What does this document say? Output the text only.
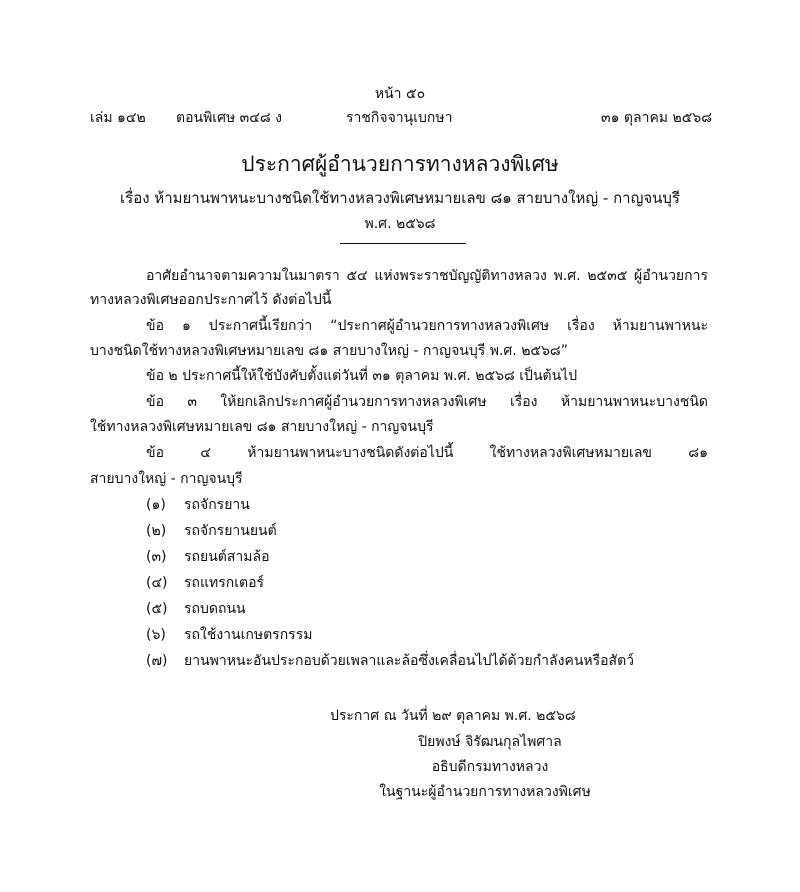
หน้า ๕๐
เล่ม ๑๔๒ ตอนพิเศษ ๓๔๘ ง	ราชกิจจานุเบกษา	๓๑ ตุลาคม ๒๕๖๘
ประกาศผู้อำนวยการทางหลวงพิเศษ
เรื่อง ห้ามยานพาหนะบางชนิดใช้ทางหลวงพิเศษหมายเลข ๘๑ สายบางใหญ่ - กาญจนบุรี
พ.ศ. ๒๕๖๘
อาศัยอำนาจตามความในมาตรา ๕๔ แห่งพระราชบัญญัติทางหลวง พ.ศ. ๒๕๓๕ ผู้อำนวยการ
ทางหลวงพิเศษออกประกาศไว้ ดังต่อไปนี้
ข้อ ๑ ประกาศนี้เรียกว่า “ประกาศผู้อำนวยการทางหลวงพิเศษ เรื่อง ห้ามยานพาหนะ
บางชนิดใช้ทางหลวงพิเศษหมายเลข ๘๑ สายบางใหญ่ - กาญจนบุรี พ.ศ. ๒๕๖๘”
ข้อ ๒ ประกาศนี้ให้ใช้บังคับตั้งแต่วันที่ ๓๑ ตุลาคม พ.ศ. ๒๕๖๘ เป็นต้นไป
ข้อ ๓ ให้ยกเลิกประกาศผู้อำนวยการทางหลวงพิเศษ เรื่อง ห้ามยานพาหนะบางชนิด
ใช้ทางหลวงพิเศษหมายเลข ๘๑ สายบางใหญ่ - กาญจนบุรี
ข้อ ๔ ห้ามยานพาหนะบางชนิดดังต่อไปนี้ ใช้ทางหลวงพิเศษหมายเลข ๘๑
สายบางใหญ่ - กาญจนบุรี
(๑) รถจักรยาน
(๒) รถจักรยานยนต์
(๓) รถยนต์สามล้อ
(๔) รถแทรกเตอร์
(๕) รถบดถนน
(๖) รถใช้งานเกษตรกรรม
(๗) ยานพาหนะอันประกอบด้วยเพลาและล้อซึ่งเคลื่อนไปได้ด้วยกำลังคนหรือสัตว์
ประกาศ ณ วันที่ ๒๙ ตุลาคม พ.ศ. ๒๕๖๘
ปิยพงษ์ จิรัฒนกุลไพศาล
อธิบดีกรมทางหลวง
ในฐานะผู้อำนวยการทางหลวงพิเศษ
